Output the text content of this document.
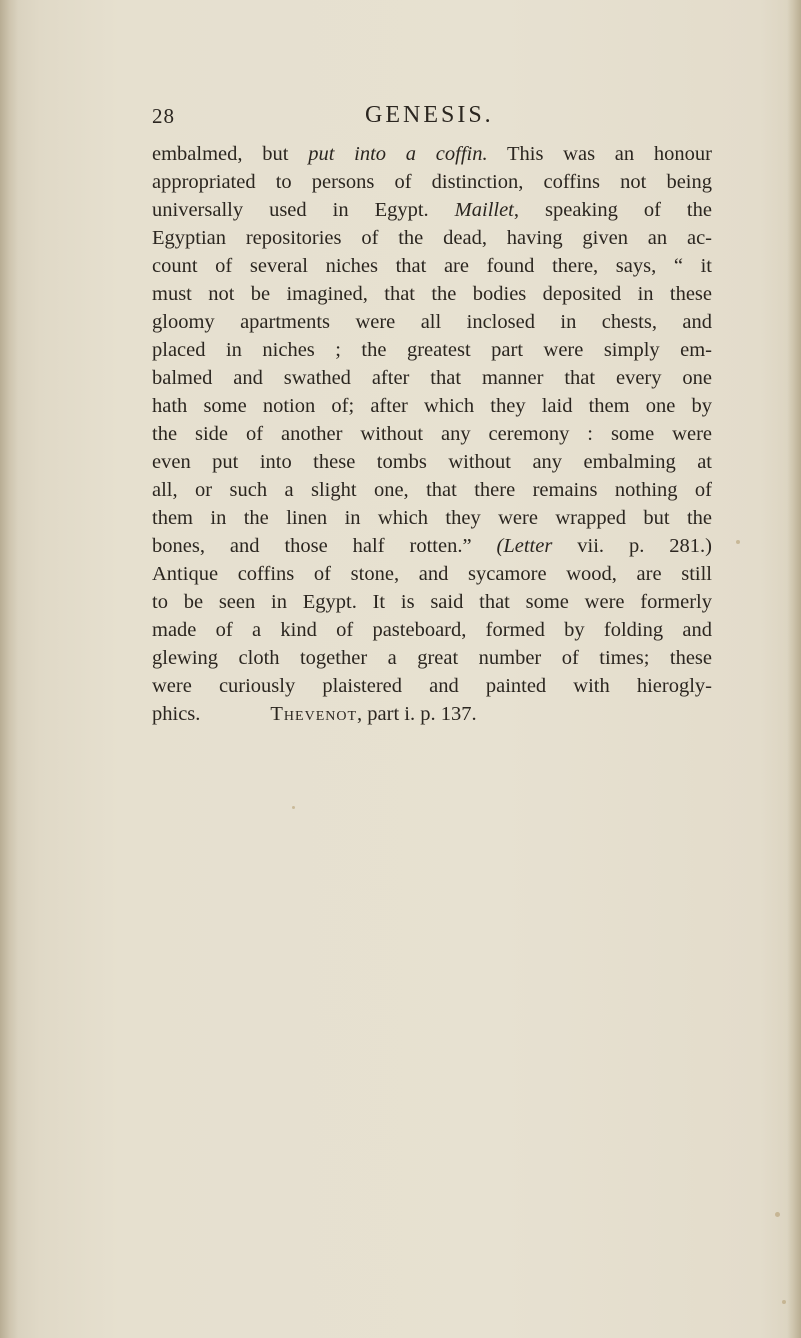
28	GENESIS.
embalmed, but put into a coffin. This was an honour
appropriated to persons of distinction, coffins not being
universally used in Egypt. Maillet, speaking of the
Egyptian repositories of the dead, having given an ac-
count of several niches that are found there, says, “ it
must not be imagined, that the bodies deposited in these
gloomy apartments were all inclosed in chests, and
placed in niches ; the greatest part were simply em-
balmed and swathed after that manner that every one
hath some notion of; after which they laid them one by
the side of another without any ceremony : some were
even put into these tombs without any embalming at
all, or such a slight one, that there remains nothing of
them in the linen in which they were wrapped but the
bones, and those half rotten.” (Letter vii. p. 281.)
Antique coffins of stone, and sycamore wood, are still
to be seen in Egypt. It is said that some were formerly
made of a kind of pasteboard, formed by folding and
glewing cloth together a great number of times; these
were curiously plaistered and painted with hierogly-
phics.	Thevenot, part i. p. 137.
